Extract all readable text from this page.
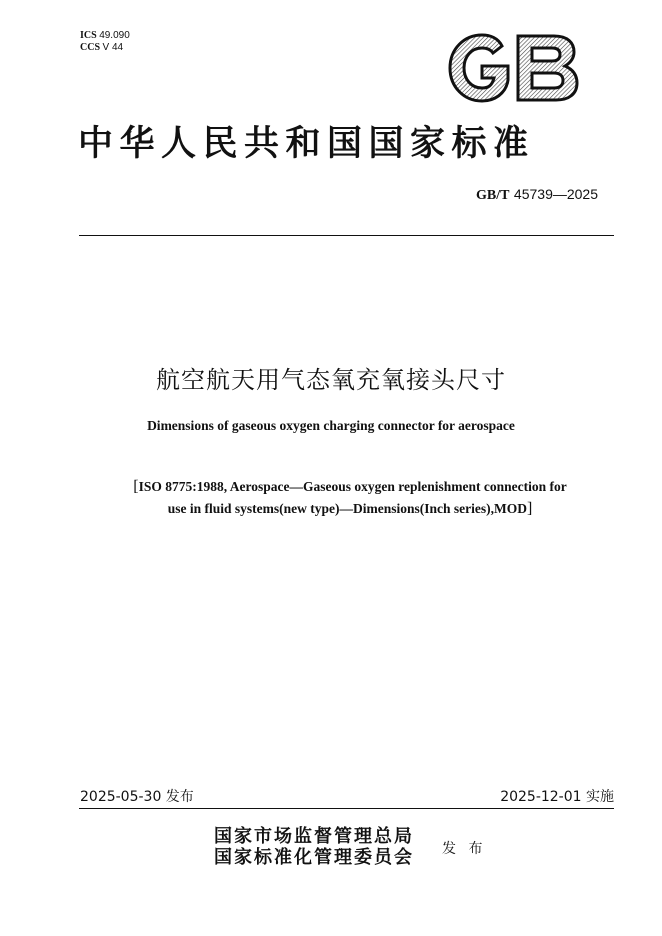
ICS 49.090
CCS V 44
中华人民共和国国家标准
GB/T 45739—2025
航空航天用气态氧充氧接头尺寸
Dimensions of gaseous oxygen charging connector for aerospace
[ISO 8775:1988, Aerospace—Gaseous oxygen replenishment connection for
use in fluid systems(new type)—Dimensions(Inch series),MOD]
2025-05-30 发布	2025-12-01 实施
国家市场监督管理总局
国家标准化管理委员会 发 布
